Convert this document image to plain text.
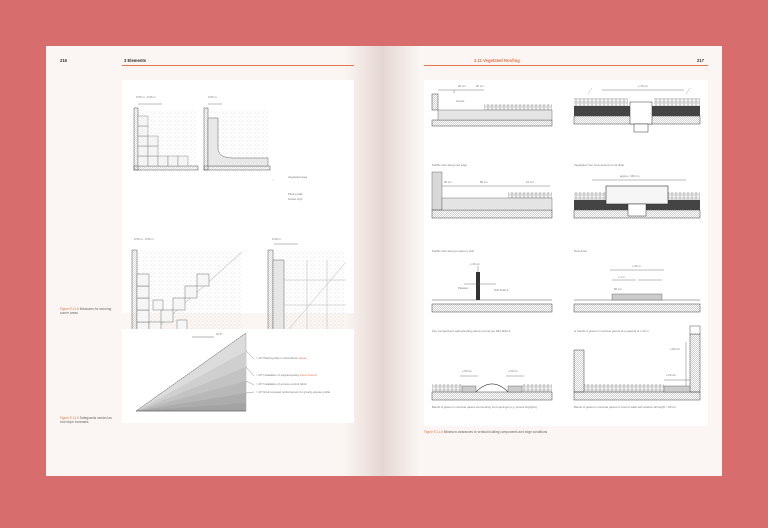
216	3 Elements
0.50 m - 0.30 m	0.50 m
0.50 m - 0.50 m	0.50 m
Vegetated area
Paving slab
Gravel strip
Figure E.11.6 Measures for securing corner areas
22.5°
> 20° Planting strip in accordance slopes
> 20° Installation of supplementary shear barriers
> 20° Installation of erosion-control fabric
> 20° Roof-renewed reinforcement for gravity expose profile
Figure E.11.6 Safeguards needed as roof slope increases
3.11 Vegetated Roofing	217
30 cm	20 cm
Gravel
Pebble strip along roof edge
≥ 15 cm
Vegetation-free zone around a roof drain
30 cm	80 cm	15 cm
Pebble strip along a masonry wall
approx. 150 cm
Roof drain
≥ 30 cm
Parapet	DIN 4102-4
Fire compartment wall extending above roof as per DIN 4102-4
≤ 40 m
≥ 1 m
50 cm
or bands of gravel or concrete pavers at a spacing of ≤ 40 m
≥ 50 cm	≥ 50 cm
Bands of gravel or concrete pavers surrounding roof openings (e.g. domed skylights)
≥ 80 cm
≥ 50 cm
Bands of gravel or concrete pavers in front of walls with window sill height > 80 cm
Figure E.11.6 Minimum clearances to vertical building components and edge conditions
